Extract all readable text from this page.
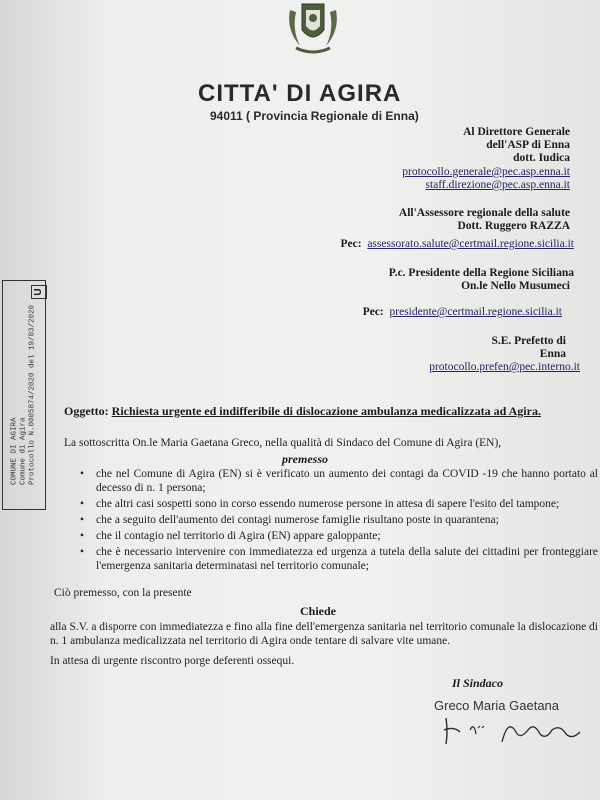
CITTA' DI AGIRA
94011 ( Provincia Regionale di Enna)
Al Direttore Generale
dell'ASP di Enna
dott. Iudica
protocollo.generale@pec.asp.enna.it
staff.direzione@pec.asp.enna.it
All'Assessore regionale della salute
Dott. Ruggero RAZZA
Pec: assessorato.salute@certmail.regione.sicilia.it
P.c. Presidente della Regione Siciliana
On.le Nello Musumeci
Pec: presidente@certmail.regione.sicilia.it
S.E. Prefetto di
Enna
protocollo.prefen@pec.interno.it
U
COMUNE DI AGIRA Comune di Agira Protocollo N.0005874/2020 del 19/03/2020 Oggetto: Richiesta urgente ed indifferibile di dislocazione ambulanza medicalizzata ad Agira.
La sottoscritta On.le Maria Gaetana Greco, nella qualità di Sindaco del Comune di Agira (EN),
premesso
• che nel Comune di Agira (EN) si è verificato un aumento dei contagi da COVID -19 che hanno portato al decesso di n. 1 persona;
• che altri casi sospetti sono in corso essendo numerose persone in attesa di sapere l'esito del tampone;
• che a seguito dell'aumento dei contagi numerose famiglie risultano poste in quarantena;
• che il contagio nel territorio di Agira (EN) appare galoppante;
• che è necessario intervenire con immediatezza ed urgenza a tutela della salute dei cittadini per fronteggiare l'emergenza sanitaria determinatasi nel territorio comunale;
Ciò premesso, con la presente
Chiede
alla S.V. a disporre con immediatezza e fino alla fine dell'emergenza sanitaria nel territorio comunale la dislocazione di n. 1 ambulanza medicalizzata nel territorio di Agira onde tentare di salvare vite umane.
In attesa di urgente riscontro porge deferenti ossequi.
Il Sindaco
Greco Maria Gaetana
